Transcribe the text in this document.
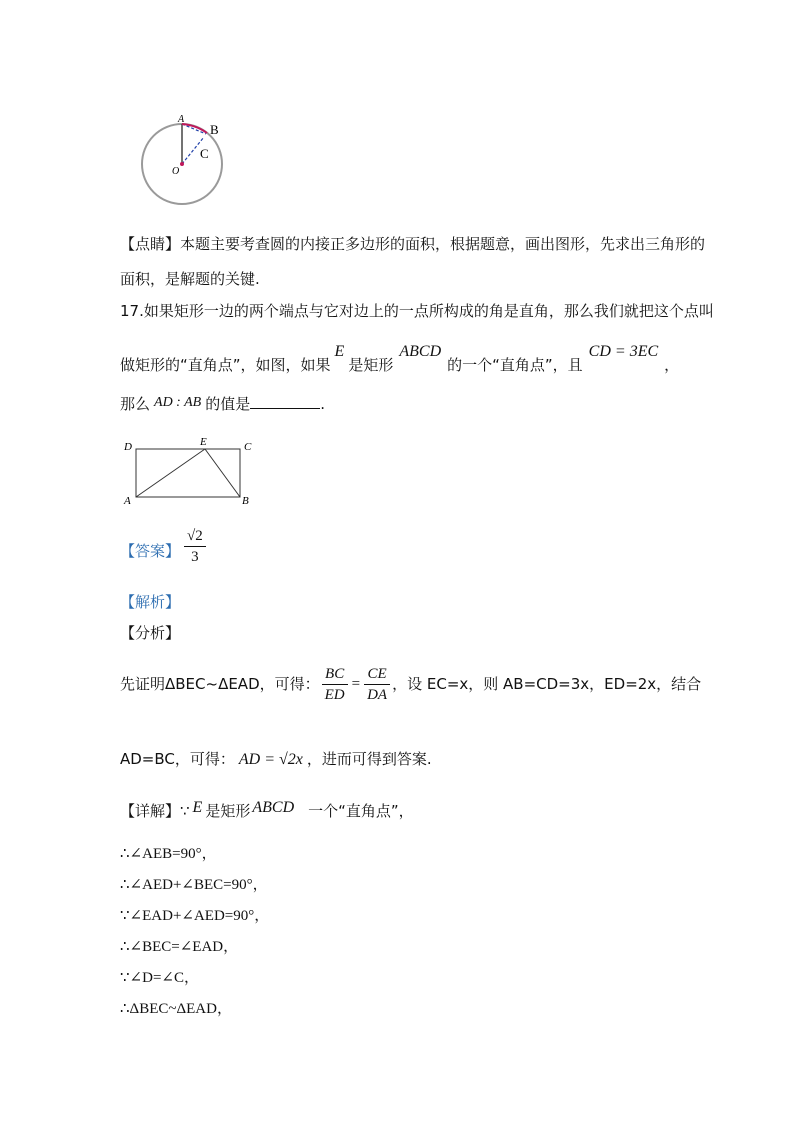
A
B
C
O
【点睛】本题主要考查圆的内接正多边形的面积，根据题意，画出图形，先求出三角形的
面积，是解题的关键.
17.如果矩形一边的两个端点与它对边上的一点所构成的角是直角，那么我们就把这个点叫
做矩形的“直角点”，如图，如果E是矩形ABCD的一个“直角点”，且CD = 3EC，
那么 AD : AB 的值是	.
D	E	C
A	B
【答案】 $\frac{√2}{3}$
【解析】
【分析】
先证明ΔBEC~ΔEAD，可得： $\frac{BC}{ED} = \frac{CE}{DA}$ ，设 EC=x，则 AB=CD=3x，ED=2x，结合
AD=BC，可得： AD = √2x ，进而可得到答案.
【详解】∵ E 是矩形 ABCD 一个“直角点”，
∴∠AEB=90°，
∴∠AED+∠BEC=90°，
∵∠EAD+∠AED=90°，
∴∠BEC=∠EAD，
∵∠D=∠C，
∴ΔBEC~ΔEAD，
